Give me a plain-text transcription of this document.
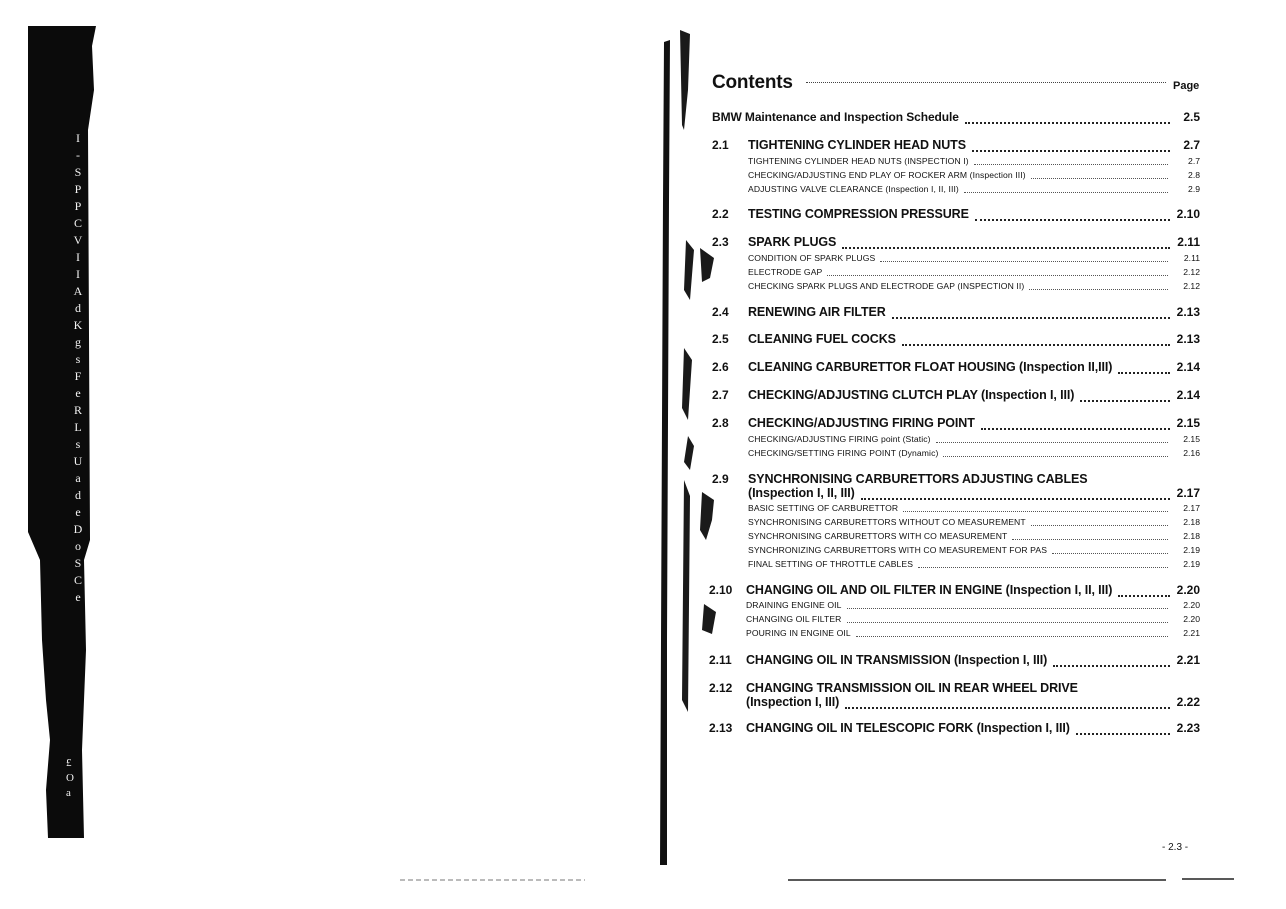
I
-
S
P
P
C
V
I
I
A
d
K
g
s
F
e
R
L
s
U
a
d
e
D
o
S
C
e
£
O
a
Contents	Page
BMW Maintenance and Inspection Schedule	2.5
2.1 TIGHTENING CYLINDER HEAD NUTS	2.7
TIGHTENING CYLINDER HEAD NUTS (INSPECTION I)	2.7
CHECKING/ADJUSTING END PLAY OF ROCKER ARM (Inspection III)	2.8
ADJUSTING VALVE CLEARANCE (Inspection I, II, III)	2.9
2.2 TESTING COMPRESSION PRESSURE	2.10
2.3 SPARK PLUGS	2.11
CONDITION OF SPARK PLUGS	2.11
ELECTRODE GAP	2.12
CHECKING SPARK PLUGS AND ELECTRODE GAP (INSPECTION II)	2.12
2.4 RENEWING AIR FILTER	2.13
2.5 CLEANING FUEL COCKS	2.13
2.6 CLEANING CARBURETTOR FLOAT HOUSING (Inspection II,III)	2.14
2.7 CHECKING/ADJUSTING CLUTCH PLAY (Inspection I, III)	2.14
2.8 CHECKING/ADJUSTING FIRING POINT	2.15
CHECKING/ADJUSTING FIRING point (Static)	2.15
CHECKING/SETTING FIRING POINT (Dynamic)	2.16
2.9 SYNCHRONISING CARBURETTORS ADJUSTING CABLES
(Inspection I, II, III)	2.17
BASIC SETTING OF CARBURETTOR	2.17
SYNCHRONISING CARBURETTORS WITHOUT CO MEASUREMENT	2.18
SYNCHRONISING CARBURETTORS WITH CO MEASUREMENT	2.18
SYNCHRONIZING CARBURETTORS WITH CO MEASUREMENT FOR PAS	2.19
FINAL SETTING OF THROTTLE CABLES	2.19
2.10 CHANGING OIL AND OIL FILTER IN ENGINE (Inspection I, II, III)	2.20
DRAINING ENGINE OIL	2.20
CHANGING OIL FILTER	2.20
POURING IN ENGINE OIL	2.21
2.11 CHANGING OIL IN TRANSMISSION (Inspection I, III)	2.21
2.12 CHANGING TRANSMISSION OIL IN REAR WHEEL DRIVE
(Inspection I, III)	2.22
2.13 CHANGING OIL IN TELESCOPIC FORK (Inspection I, III)	2.23
- 2.3 -
